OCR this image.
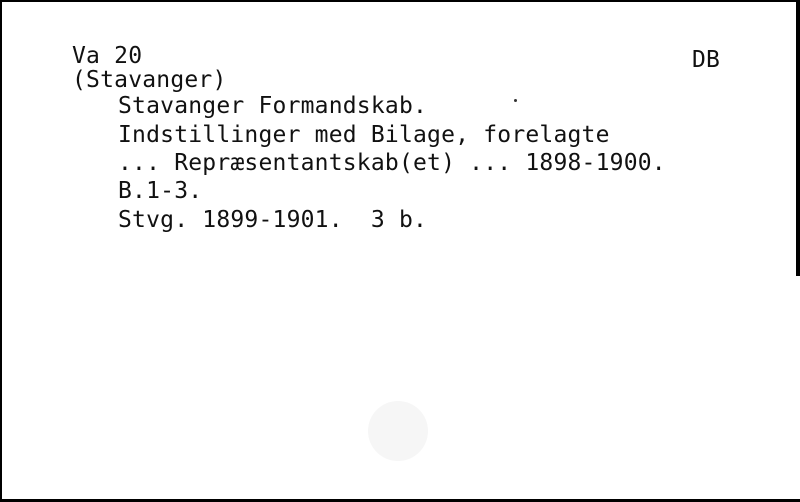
Va 20	DB
(Stavanger)
Stavanger Formandskab.
Indstillinger med Bilage, forelagte
... Repræsentantskab(et) ... 1898-1900.
B.1-3.
Stvg. 1899-1901.  3 b.
